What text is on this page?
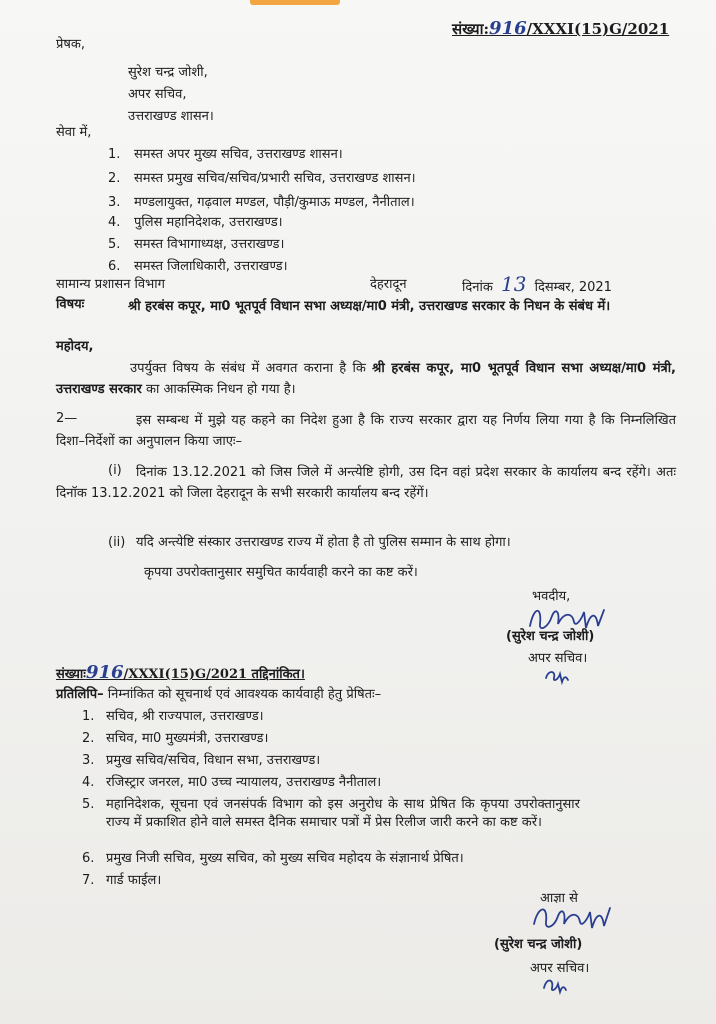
संख्या:916/XXXI(15)G/2021
प्रेषक,
सुरेश चन्द्र जोशी,
अपर सचिव,
उत्तराखण्ड शासन।
सेवा में,
1. समस्त अपर मुख्य सचिव, उत्तराखण्ड शासन।
2. समस्त प्रमुख सचिव/सचिव/प्रभारी सचिव, उत्तराखण्ड शासन।
3. मण्डलायुक्त, गढ़वाल मण्डल, पौड़ी/कुमाऊ मण्डल, नैनीताल।
4. पुलिस महानिदेशक, उत्तराखण्ड।
5. समस्त विभागाध्यक्ष, उत्तराखण्ड।
6. समस्त जिलाधिकारी, उत्तराखण्ड।
सामान्य प्रशासन विभाग	देहरादून	दिनांक 13 दिसम्बर, 2021
विषयः	श्री हरबंस कपूर, मा0 भूतपूर्व विधान सभा अध्यक्ष/मा0 मंत्री, उत्तराखण्ड सरकार के निधन के संबंध में।
महोदय,
उपर्युक्त विषय के संबंध में अवगत कराना है कि श्री हरबंस कपूर, मा0 भूतपूर्व विधान सभा अध्यक्ष/मा0 मंत्री, उत्तराखण्ड सरकार का आकस्मिक निधन हो गया है।
2—	इस सम्बन्ध में मुझे यह कहने का निदेश हुआ है कि राज्य सरकार द्वारा यह निर्णय लिया गया है कि निम्नलिखित दिशा–निर्देशों का अनुपालन किया जाएः–
(i)	दिनांक 13.12.2021 को जिस जिले में अन्त्येष्टि होगी, उस दिन वहां प्रदेश सरकार के कार्यालय बन्द रहेंगे। अतः दिनॉक 13.12.2021 को जिला देहरादून के सभी सरकारी कार्यालय बन्द रहेंगें।
(ii) यदि अन्त्येष्टि संस्कार उत्तराखण्ड राज्य में होता है तो पुलिस सम्मान के साथ होगा।
कृपया उपरोक्तानुसार समुचित कार्यवाही करने का कष्ट करें।
भवदीय,
(सुरेश चन्द्र जोशी)
अपर सचिव।
संख्याः916/XXXI(15)G/2021 तद्दिनांकित।
प्रतिलिपि– निम्नांकित को सूचनार्थ एवं आवश्यक कार्यवाही हेतु प्रेषितः–
1. सचिव, श्री राज्यपाल, उत्तराखण्ड।
2. सचिव, मा0 मुख्यमंत्री, उत्तराखण्ड।
3. प्रमुख सचिव/सचिव, विधान सभा, उत्तराखण्ड।
4. रजिस्ट्रार जनरल, मा0 उच्च न्यायालय, उत्तराखण्ड नैनीताल।
5. महानिदेशक, सूचना एवं जनसंपर्क विभाग को इस अनुरोध के साथ प्रेषित कि कृपया उपरोक्तानुसार राज्य में प्रकाशित होने वाले समस्त दैनिक समाचार पत्रों में प्रेस रिलीज जारी करने का कष्ट करें।
6. प्रमुख निजी सचिव, मुख्य सचिव, को मुख्य सचिव महोदय के संज्ञानार्थ प्रेषित।
7. गार्ड फाईल।
आज्ञा से
(सुरेश चन्द्र जोशी)
अपर सचिव।
